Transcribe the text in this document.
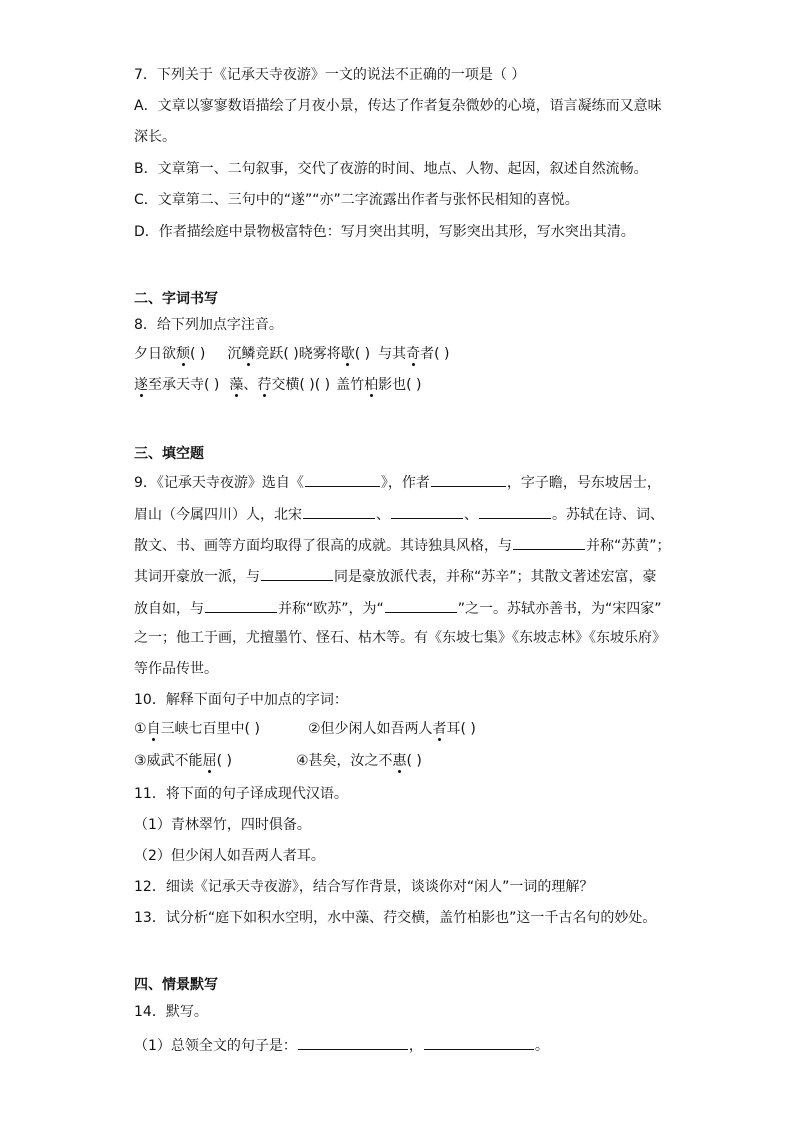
7．下列关于《记承天寺夜游》一文的说法不正确的一项是（ ）
A．文章以寥寥数语描绘了月夜小景，传达了作者复杂微妙的心境，语言凝练而又意味
深长。
B．文章第一、二句叙事，交代了夜游的时间、地点、人物、起因，叙述自然流畅。
C．文章第二、三句中的“遂”“亦”二字流露出作者与张怀民相知的喜悦。
D．作者描绘庭中景物极富特色：写月突出其明，写影突出其形，写水突出其清。
二、字词书写
8．给下列加点字注音。
夕日欲颓( ) 沉鳞竞跃( )晓雾将歇( ) 与其奇者( )
遂至承天寺( ) 藻、荇交横( )( ) 盖竹柏影也( )
三、填空题
9．《记承天寺夜游》选自《	》，作者	，字子瞻，号东坡居士，
眉山（今属四川）人，北宋	、	、	。苏轼在诗、词、
散文、书、画等方面均取得了很高的成就。其诗独具风格，与	并称“苏黄”；
其词开豪放一派，与	同是豪放派代表，并称“苏辛”；其散文著述宏富，豪
放自如，与	并称“欧苏”，为“	”之一。苏轼亦善书，为“宋四家”
之一；他工于画，尤擅墨竹、怪石、枯木等。有《东坡七集》《东坡志林》《东坡乐府》
等作品传世。
10．解释下面句子中加点的字词：
①自三峡七百里中( )	②但少闲人如吾两人者耳( )
③威武不能屈( )	④甚矣，汝之不惠( )
11．将下面的句子译成现代汉语。
（1）青林翠竹，四时俱备。
（2）但少闲人如吾两人者耳。
12．细读《记承天寺夜游》，结合写作背景，谈谈你对“闲人”一词的理解？
13．试分析“庭下如积水空明，水中藻、荇交横，盖竹柏影也”这一千古名句的妙处。
四、情景默写
14．默写。
（1）总领全文的句子是：	，	。
